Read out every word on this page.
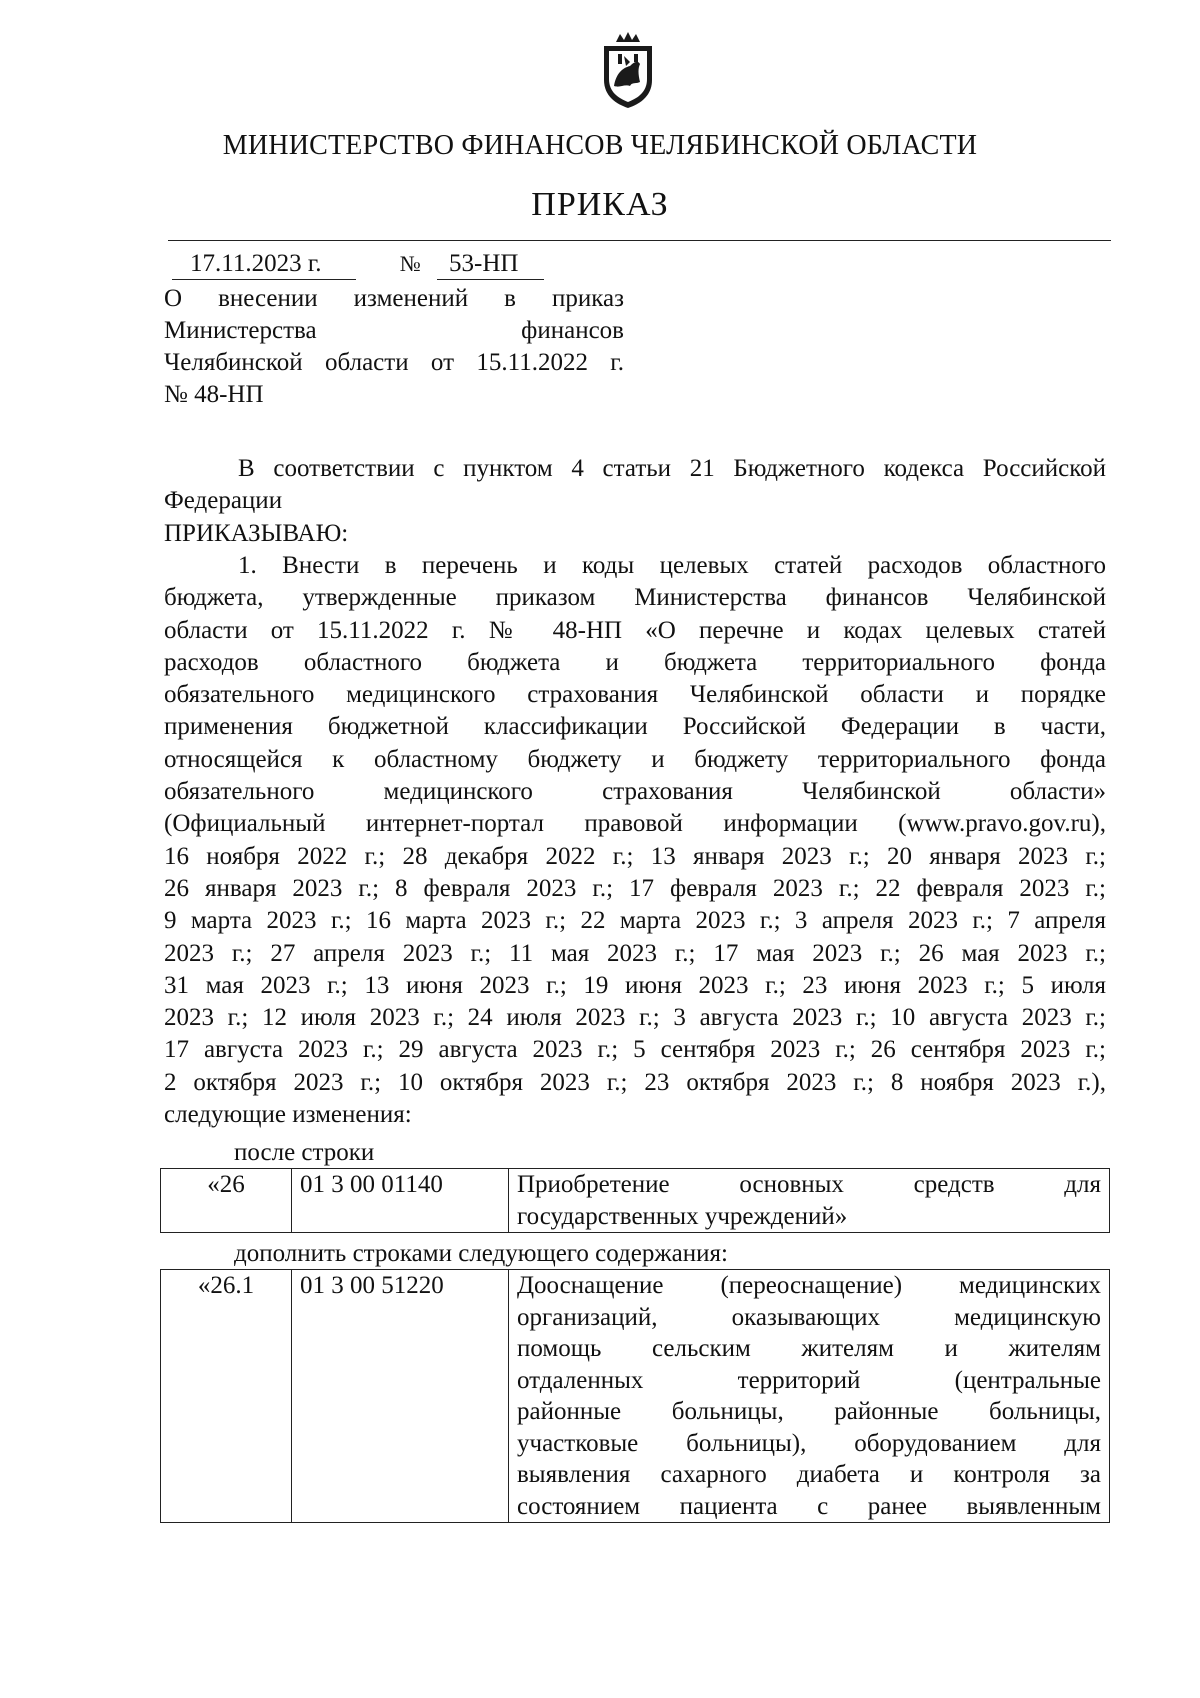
МИНИСТЕРСТВО ФИНАНСОВ ЧЕЛЯБИНСКОЙ ОБЛАСТИ
ПРИКАЗ
17.11.2023 г.	№ 53-НП
О внесении изменений в приказ
Министерства финансов
Челябинской области от 15.11.2022 г.
№ 48-НП
В соответствии с пунктом 4 статьи 21 Бюджетного кодекса Российской
Федерации
ПРИКАЗЫВАЮ:
1. Внести в перечень и коды целевых статей расходов областного
бюджета, утвержденные приказом Министерства финансов Челябинской
области от 15.11.2022 г. № 48-НП «О перечне и кодах целевых статей
расходов областного бюджета и бюджета территориального фонда
обязательного медицинского страхования Челябинской области и порядке
применения бюджетной классификации Российской Федерации в части,
относящейся к областному бюджету и бюджету территориального фонда
обязательного медицинского страхования Челябинской области»
(Официальный интернет-портал правовой информации (www.pravo.gov.ru),
16 ноября 2022 г.; 28 декабря 2022 г.; 13 января 2023 г.; 20 января 2023 г.;
26 января 2023 г.; 8 февраля 2023 г.; 17 февраля 2023 г.; 22 февраля 2023 г.;
9 марта 2023 г.; 16 марта 2023 г.; 22 марта 2023 г.; 3 апреля 2023 г.; 7 апреля
2023 г.; 27 апреля 2023 г.; 11 мая 2023 г.; 17 мая 2023 г.; 26 мая 2023 г.;
31 мая 2023 г.; 13 июня 2023 г.; 19 июня 2023 г.; 23 июня 2023 г.; 5 июля
2023 г.; 12 июля 2023 г.; 24 июля 2023 г.; 3 августа 2023 г.; 10 августа 2023 г.;
17 августа 2023 г.; 29 августа 2023 г.; 5 сентября 2023 г.; 26 сентября 2023 г.;
2 октября 2023 г.; 10 октября 2023 г.; 23 октября 2023 г.; 8 ноября 2023 г.),
следующие изменения:
после строки
«26	01 3 00 01140	Приобретение основных средств для
государственных учреждений»
дополнить строками следующего содержания:
«26.1	01 3 00 51220	Дооснащение (переоснащение) медицинских
организаций, оказывающих медицинскую
помощь сельским жителям и жителям
отдаленных территорий (центральные
районные больницы, районные больницы,
участковые больницы), оборудованием для
выявления сахарного диабета и контроля за
состоянием пациента с ранее выявленным
